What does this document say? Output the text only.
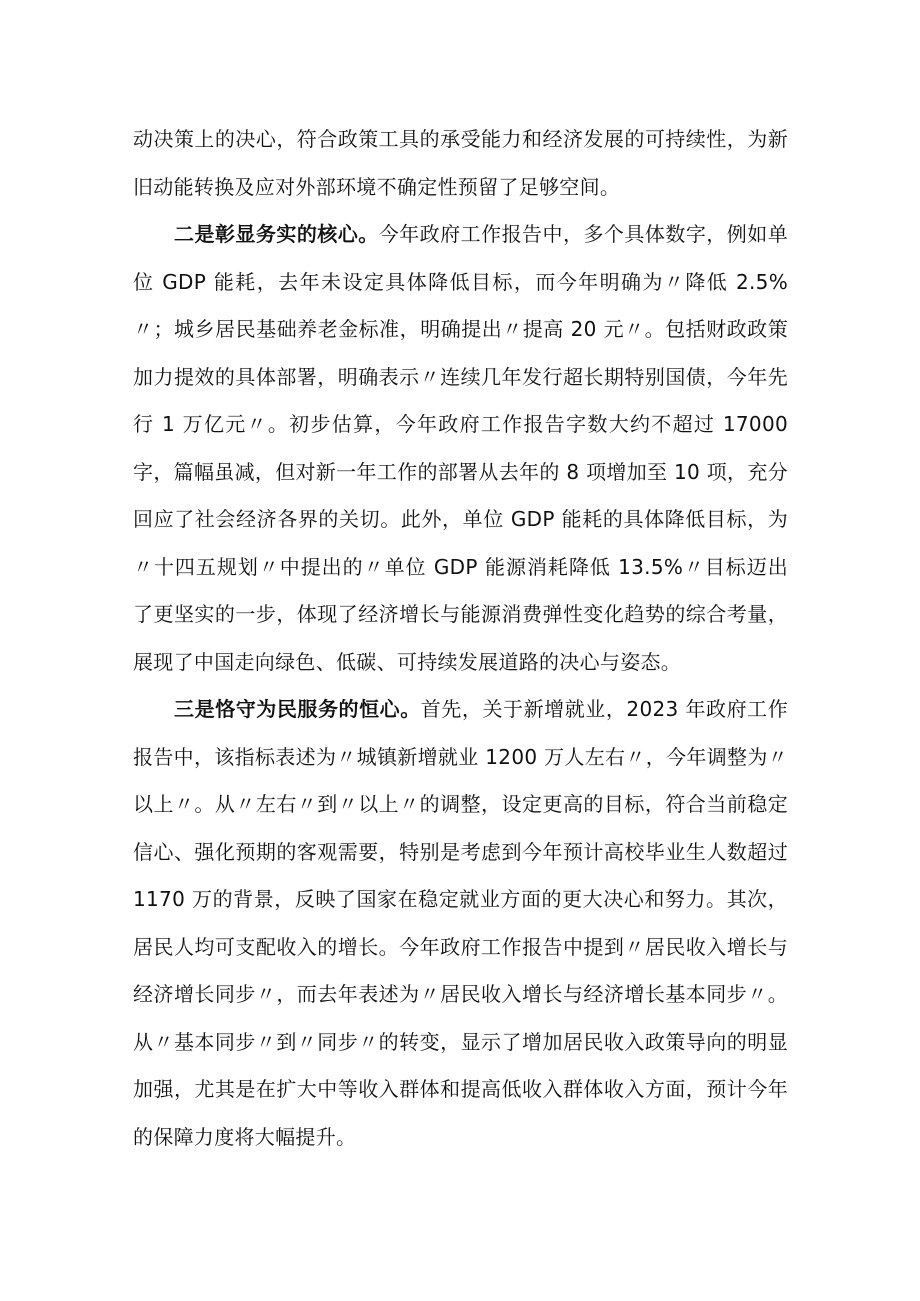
动决策上的决心，符合政策工具的承受能力和经济发展的可持续性，为新旧动能转换及应对外部环境不确定性预留了足够空间。

二是彰显务实的核心。今年政府工作报告中，多个具体数字，例如单位 GDP 能耗，去年未设定具体降低目标，而今年明确为〃降低 2.5%〃；城乡居民基础养老金标准，明确提出〃提高 20 元〃。包括财政政策加力提效的具体部署，明确表示〃连续几年发行超长期特别国债，今年先行 1 万亿元〃。初步估算，今年政府工作报告字数大约不超过 17000 字，篇幅虽减，但对新一年工作的部署从去年的 8 项增加至 10 项，充分回应了社会经济各界的关切。此外，单位 GDP 能耗的具体降低目标，为〃十四五规划〃中提出的〃单位 GDP 能源消耗降低 13.5%〃目标迈出了更坚实的一步，体现了经济增长与能源消费弹性变化趋势的综合考量，展现了中国走向绿色、低碳、可持续发展道路的决心与姿态。

三是恪守为民服务的恒心。首先，关于新增就业，2023 年政府工作报告中，该指标表述为〃城镇新增就业 1200 万人左右〃，今年调整为〃以上〃。从〃左右〃到〃以上〃的调整，设定更高的目标，符合当前稳定信心、强化预期的客观需要，特别是考虑到今年预计高校毕业生人数超过 1170 万的背景，反映了国家在稳定就业方面的更大决心和努力。其次，居民人均可支配收入的增长。今年政府工作报告中提到〃居民收入增长与经济增长同步〃，而去年表述为〃居民收入增长与经济增长基本同步〃。从〃基本同步〃到〃同步〃的转变，显示了增加居民收入政策导向的明显加强，尤其是在扩大中等收入群体和提高低收入群体收入方面，预计今年的保障力度将大幅提升。
